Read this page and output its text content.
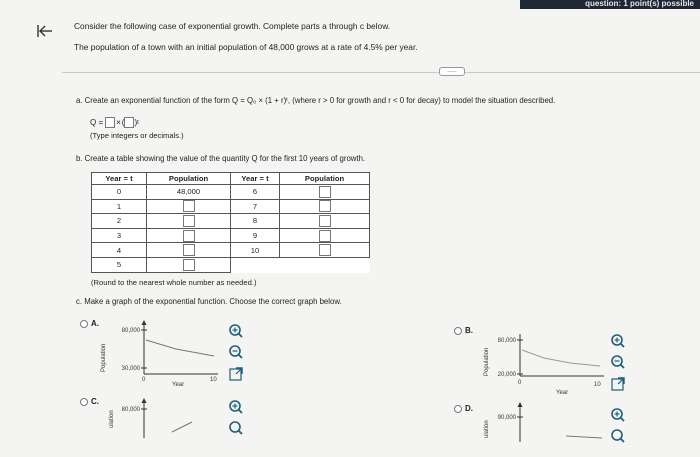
question: 1 point(s) possible
Consider the following case of exponential growth. Complete parts a through c below.
The population of a town with an initial population of 48,000 grows at a rate of 4.5% per year.
.....
a. Create an exponential function of the form Q = Q₀ × (1 + r)ᵗ, (where r > 0 for growth and r < 0 for decay) to model the situation described.
Q = × ( ) t
(Type integers or decimals.)
b. Create a table showing the value of the quantity Q for the first 10 years of growth.
Year = t	Population	Year = t	Population
0	48,000	6	
1		7	
2		8	
3		9	
4		10	
5			
(Round to the nearest whole number as needed.)
c. Make a graph of the exponential function. Choose the correct graph below.
A.
Population
80,000
30,000
0	10
Year
B.
Population
80,000
20,000
0	10
Year
C.
ulation
80,000	D.
ulation
90,000
